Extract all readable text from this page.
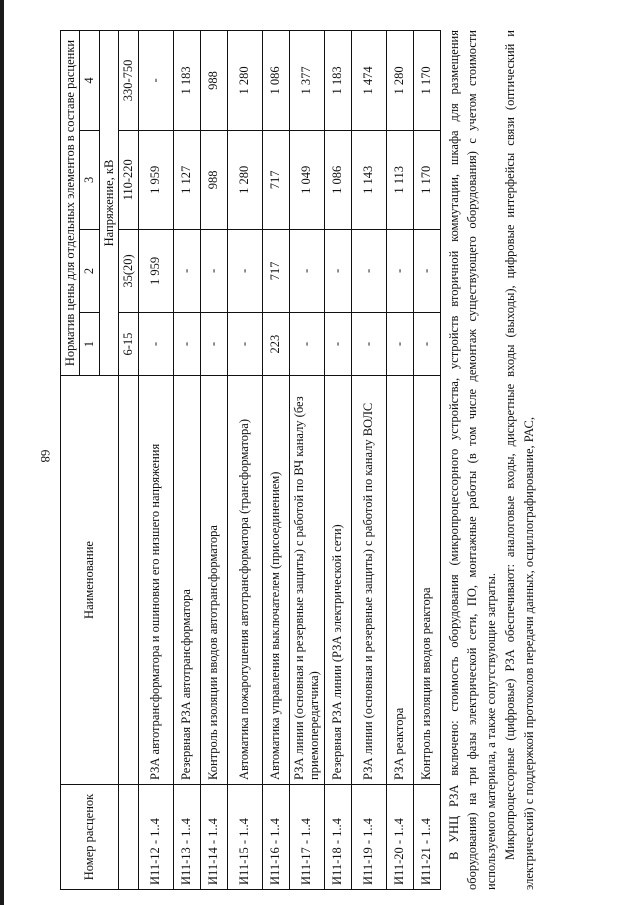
68
Номер расценок	Наименование	Норматив цены для отдельных элементов в составе расценки			
		1	2	3	4
		Напряжение, кВ			
		6-15	35(20)	110-220	330-750
И11-12 - 1..4	РЗА автотрансформатора и ошиновки его низшего напряжения	-	1 959	1 959	-
И11-13 - 1..4	Резервная РЗА автотрансформатора	-	-	1 127	1 183
И11-14 - 1..4	Контроль изоляции вводов автотрансформатора	-	-	988	988
И11-15 - 1..4	Автоматика пожаротушения автотрансформатора (трансформатора)	-	-	1 280	1 280
И11-16 - 1..4	Автоматика управления выключателем (присоединением)	223	717	717	1 086
И11-17 - 1..4	РЗА линии (основная и резервные защиты) с работой по ВЧ каналу (без приемопередатчика)	-	-	1 049	1 377
И11-18 - 1..4	Резервная РЗА линии (РЗА электрической сети)	-	-	1 086	1 183
И11-19 - 1..4	РЗА линии (основная и резервные защиты) с работой по каналу ВОЛС	-	-	1 143	1 474
И11-20 - 1..4	РЗА реактора	-	-	1 113	1 280
И11-21 - 1..4	Контроль изоляции вводов реактора	-	-	1 170	1 170 В УНЦ РЗА включено: стоимость оборудования (микропроцессорного устройства, устройств вторичной коммутации, шкафа для размещения оборудования) на три фазы электрической сети, ПО, монтажные работы (в том числе демонтаж существующего оборудования) с учетом стоимости используемого материала, а также сопутствующие затраты. Микропроцессорные (цифровые) РЗА обеспечивают: аналоговые входы, дискретные входы (выходы), цифровые интерфейсы связи (оптический и электрический) с поддержкой протоколов передачи данных, осциллографирование, РАС,
